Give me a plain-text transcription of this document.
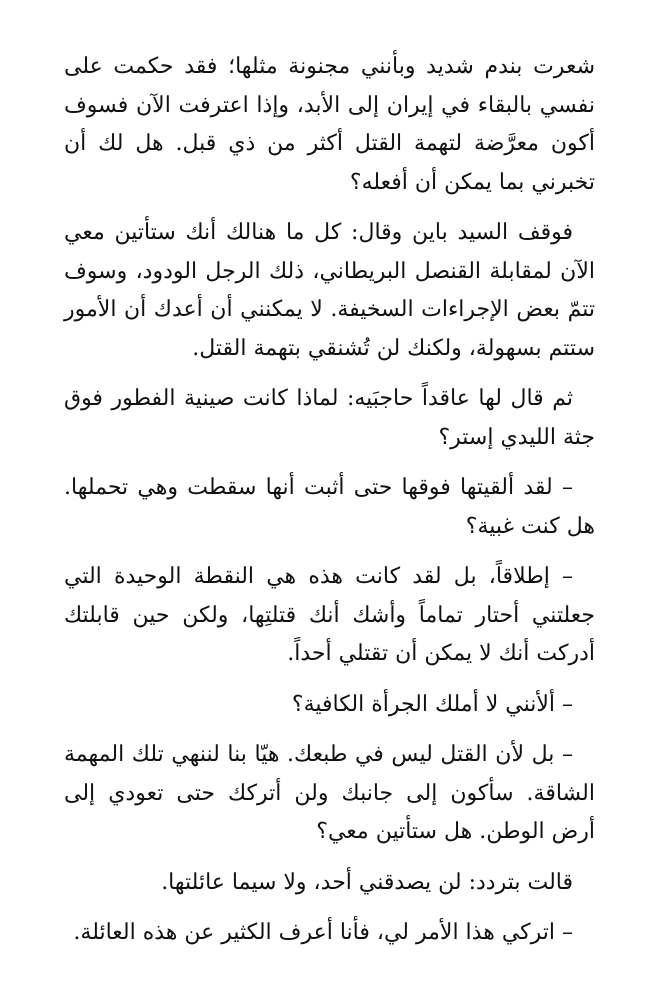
شعرت بندم شديد وبأنني مجنونة مثلها؛ فقد حكمت على نفسي بالبقاء في إيران إلى الأبد، وإذا اعترفت الآن فسوف أكون معرَّضة لتهمة القتل أكثر من ذي قبل. هل لك أن تخبرني بما يمكن أن أفعله؟

فوقف السيد باين وقال: كل ما هنالك أنك ستأتين معي الآن لمقابلة القنصل البريطاني، ذلك الرجل الودود، وسوف تتمّ بعض الإجراءات السخيفة. لا يمكنني أن أعدك أن الأمور ستتم بسهولة، ولكنك لن تُشنقي بتهمة القتل.

ثم قال لها عاقداً حاجبَيه: لماذا كانت صينية الفطور فوق جثة الليدي إستر؟

– لقد ألقيتها فوقها حتى أثبت أنها سقطت وهي تحملها. هل كنت غبية؟

– إطلاقاً، بل لقد كانت هذه هي النقطة الوحيدة التي جعلتني أحتار تماماً وأشك أنك قتلتِها، ولكن حين قابلتك أدركت أنك لا يمكن أن تقتلي أحداً.

– ألأنني لا أملك الجرأة الكافية؟

– بل لأن القتل ليس في طبعك. هيّا بنا لننهي تلك المهمة الشاقة. سأكون إلى جانبك ولن أتركك حتى تعودي إلى أرض الوطن. هل ستأتين معي؟

قالت بتردد: لن يصدقني أحد، ولا سيما عائلتها.

– اتركي هذا الأمر لي، فأنا أعرف الكثير عن هذه العائلة.
